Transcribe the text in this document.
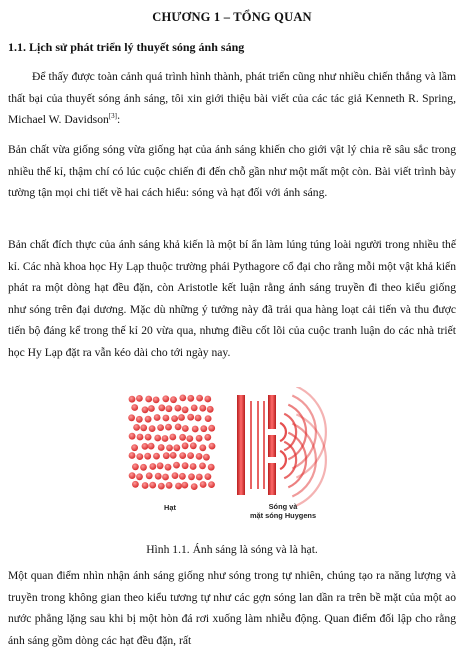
CHƯƠNG 1 – TỔNG QUAN
1.1. Lịch sử phát triển lý thuyết sóng ánh sáng
Để thấy được toàn cảnh quá trình hình thành, phát triển cũng như nhiều chiến thắng và lầm thất bại của thuyết sóng ánh sáng, tôi xin giới thiệu bài viết của các tác giả Kenneth R. Spring, Michael W. Davidson[3]:
Bản chất vừa giống sóng vừa giống hạt của ánh sáng khiến cho giới vật lý chia rẽ sâu sắc trong nhiều thế kỉ, thậm chí có lúc cuộc chiến đi đến chỗ gần như một mất một còn. Bài viết trình bày tường tận mọi chi tiết về hai cách hiểu: sóng và hạt đối với ánh sáng.
Bản chất đích thực của ánh sáng khả kiến là một bí ẩn làm lúng túng loài người trong nhiều thế kỉ. Các nhà khoa học Hy Lạp thuộc trường phái Pythagore cổ đại cho rằng mỗi một vật khả kiến phát ra một dòng hạt đều đặn, còn Aristotle kết luận rằng ánh sáng truyền đi theo kiểu giống như sóng trên đại dương. Mặc dù những ý tưởng này đã trải qua hàng loạt cải tiến và thu được tiến bộ đáng kể trong thế kỉ 20 vừa qua, nhưng điều cốt lõi của cuộc tranh luận do các nhà triết học Hy Lạp đặt ra vẫn kéo dài cho tới ngày nay.
Hạt	Sóng và
mặt sóng Huygens
Hình 1.1. Ánh sáng là sóng và là hạt.
Một quan điểm nhìn nhận ánh sáng giống như sóng trong tự nhiên, chúng tạo ra năng lượng và truyền trong không gian theo kiểu tương tự như các gợn sóng lan dần ra trên bề mặt của một ao nước phẳng lặng sau khi bị một hòn đá rơi xuống làm nhiễu động. Quan điểm đối lập cho rằng ánh sáng gồm dòng các hạt đều đặn, rất
